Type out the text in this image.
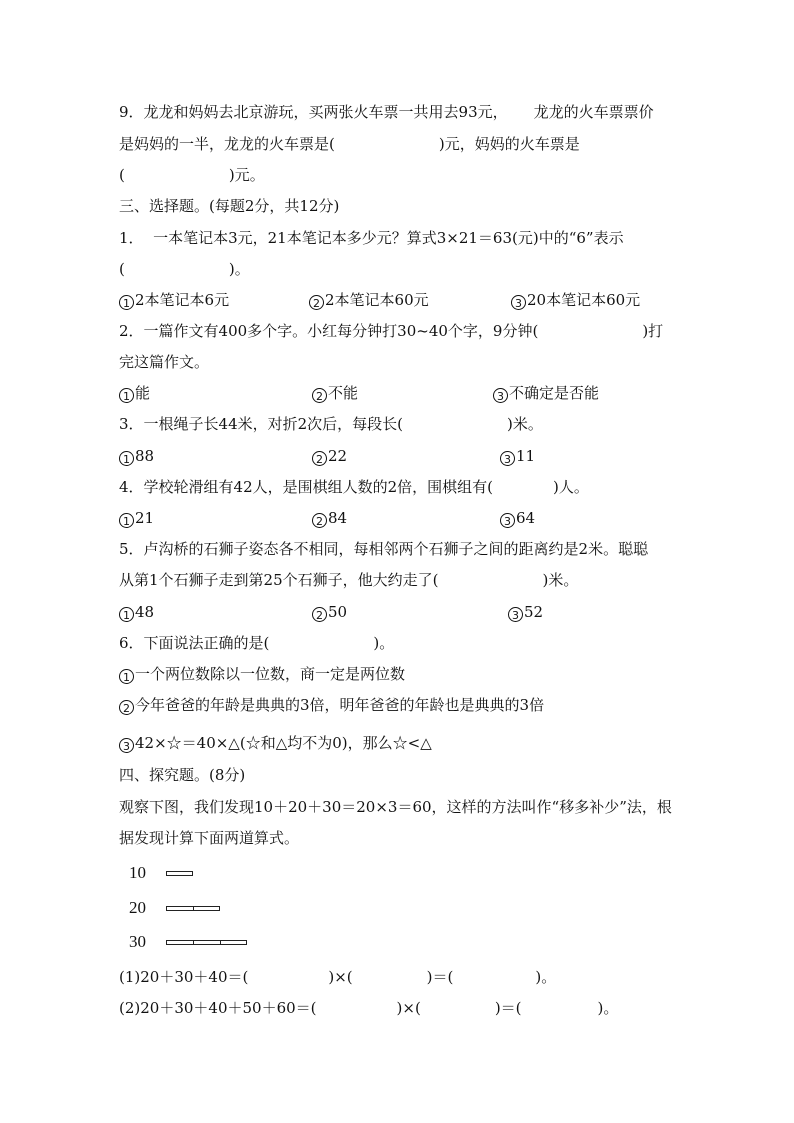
9．龙龙和妈妈去北京游玩，买两张火车票一共用去93元， 龙龙的火车票票价
是妈妈的一半，龙龙的火车票是(	)元，妈妈的火车票是
(	)元。
三、选择题。(每题2分，共12分)
1．  一本笔记本3元，21本笔记本多少元？算式3×21＝63(元)中的“6”表示
(	)。
1 2本笔记本6元	2 2本笔记本60元	3 20本笔记本60元
2．一篇作文有400多个字。小红每分钟打30~40个字，9分钟(	)打
完这篇作文。
1 能	2 不能	3 不确定是否能
3．一根绳子长44米，对折2次后，每段长(	)米。
1 88	2 22	3 11
4．学校轮滑组有42人，是围棋组人数的2倍，围棋组有(	)人。
1 21	2 84	3 64
5．卢沟桥的石狮子姿态各不相同，每相邻两个石狮子之间的距离约是2米。聪聪
从第1个石狮子走到第25个石狮子，他大约走了(	)米。
1 48	2 50	3 52
6．下面说法正确的是(	)。
1 一个两位数除以一位数，商一定是两位数
2 今年爸爸的年龄是典典的3倍，明年爸爸的年龄也是典典的3倍
3 42×☆＝40×△(☆和△均不为0)，那么☆<△
四、探究题。(8分)
观察下图，我们发现10＋20＋30＝20×3＝60，这样的方法叫作“移多补少”法，根
据发现计算下面两道算式。
10
20
30
(1)20＋30＋40＝(	)×(	)＝(	)。
(2)20＋30＋40＋50＋60＝(	)×(	)＝(	)。
